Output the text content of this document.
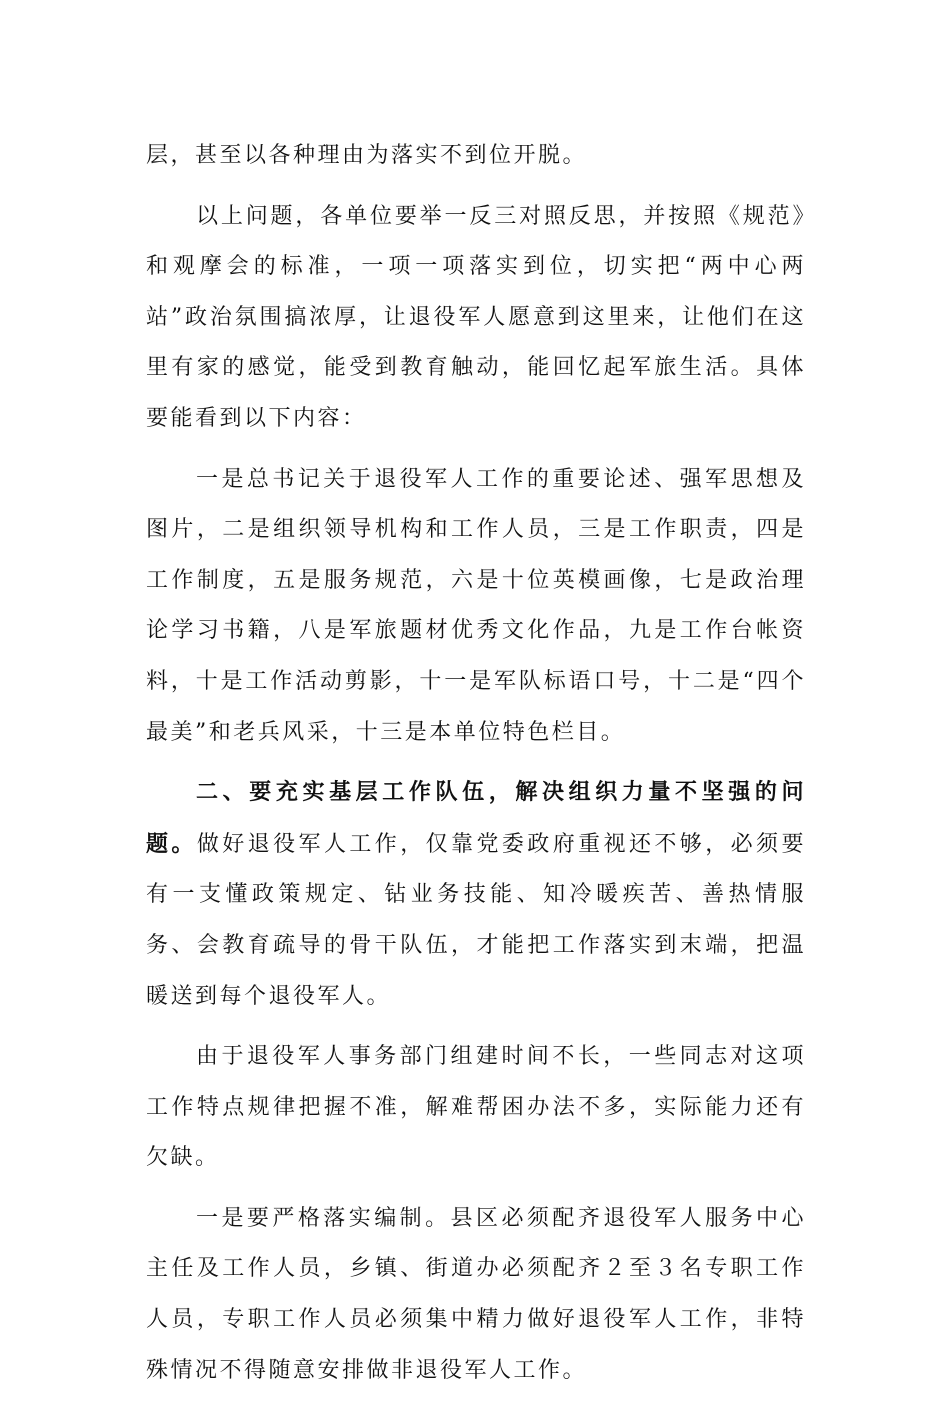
层，甚至以各种理由为落实不到位开脱。

以上问题，各单位要举一反三对照反思，并按照《规范》和观摩会的标准，一项一项落实到位，切实把“两中心两站”政治氛围搞浓厚，让退役军人愿意到这里来，让他们在这里有家的感觉，能受到教育触动，能回忆起军旅生活。具体要能看到以下内容：

一是总书记关于退役军人工作的重要论述、强军思想及图片，二是组织领导机构和工作人员，三是工作职责，四是工作制度，五是服务规范，六是十位英模画像，七是政治理论学习书籍，八是军旅题材优秀文化作品，九是工作台帐资料，十是工作活动剪影，十一是军队标语口号，十二是“四个最美”和老兵风采，十三是本单位特色栏目。

二、要充实基层工作队伍，解决组织力量不坚强的问题。做好退役军人工作，仅靠党委政府重视还不够，必须要有一支懂政策规定、钻业务技能、知冷暖疾苦、善热情服务、会教育疏导的骨干队伍，才能把工作落实到末端，把温暖送到每个退役军人。

由于退役军人事务部门组建时间不长，一些同志对这项工作特点规律把握不准，解难帮困办法不多，实际能力还有欠缺。

一是要严格落实编制。县区必须配齐退役军人服务中心主任及工作人员，乡镇、街道办必须配齐２至３名专职工作人员，专职工作人员必须集中精力做好退役军人工作，非特殊情况不得随意安排做非退役军人工作。
